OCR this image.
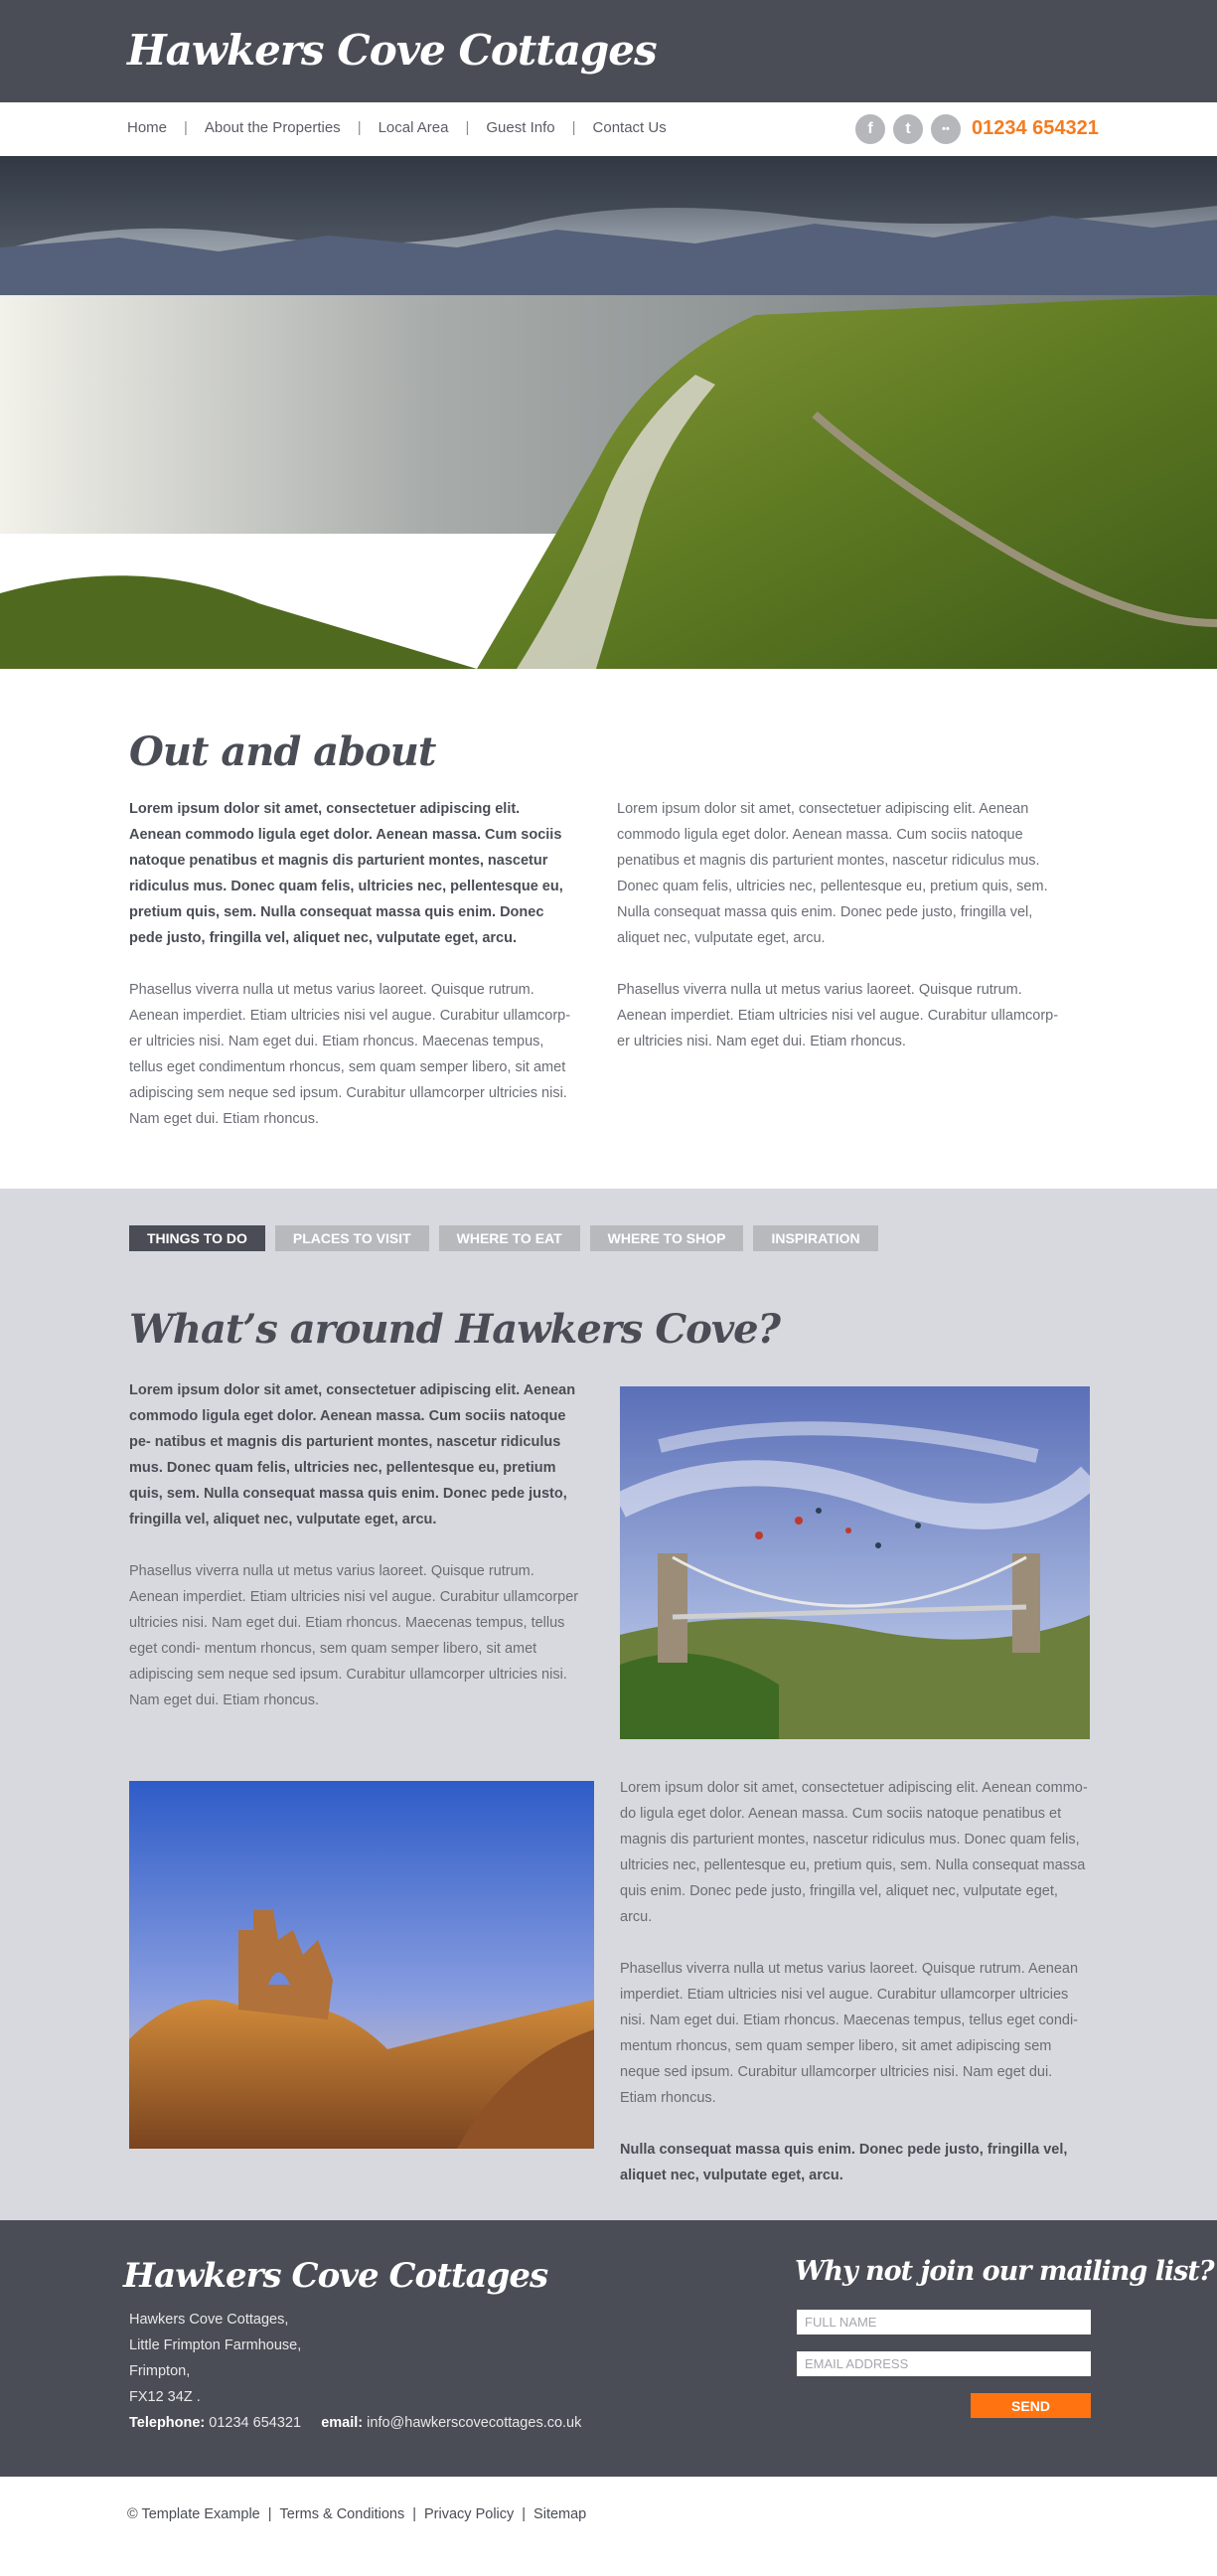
Hawkers Cove Cottages
Home | About the Properties | Local Area | Guest Info | Contact Us	f	t	••	01234 654321
Out and about

Lorem ipsum dolor sit amet, consectetuer adipiscing elit. Aenean commodo ligula eget dolor. Aenean massa. Cum sociis natoque penatibus et magnis dis parturient montes, nascetur ridiculus mus. Donec quam felis, ultricies nec, pellentesque eu, pretium quis, sem. Nulla consequat massa quis enim. Donec pede justo, fringilla vel, aliquet nec, vulputate eget, arcu.

Phasellus viverra nulla ut metus varius laoreet. Quisque rutrum. Aenean imperdiet. Etiam ultricies nisi vel augue. Curabitur ullamcorp- er ultricies nisi. Nam eget dui. Etiam rhoncus. Maecenas tempus, tellus eget condimentum rhoncus, sem quam semper libero, sit amet adipiscing sem neque sed ipsum. Curabitur ullamcorper ultricies nisi. Nam eget dui. Etiam rhoncus.

Lorem ipsum dolor sit amet, consectetuer adipiscing elit. Aenean commodo ligula eget dolor. Aenean massa. Cum sociis natoque penatibus et magnis dis parturient montes, nascetur ridiculus mus. Donec quam felis, ultricies nec, pellentesque eu, pretium quis, sem. Nulla consequat massa quis enim. Donec pede justo, fringilla vel, aliquet nec, vulputate eget, arcu.

Phasellus viverra nulla ut metus varius laoreet. Quisque rutrum. Aenean imperdiet. Etiam ultricies nisi vel augue. Curabitur ullamcorp- er ultricies nisi. Nam eget dui. Etiam rhoncus.

THINGS TO DO	PLACES TO VISIT	WHERE TO EAT	WHERE TO SHOP	INSPIRATION
What’s around Hawkers Cove?

Lorem ipsum dolor sit amet, consectetuer adipiscing elit. Aenean commodo ligula eget dolor. Aenean massa. Cum sociis natoque pe- natibus et magnis dis parturient montes, nascetur ridiculus mus. Donec quam felis, ultricies nec, pellentesque eu, pretium quis, sem. Nulla consequat massa quis enim. Donec pede justo, fringilla vel, aliquet nec, vulputate eget, arcu.

Phasellus viverra nulla ut metus varius laoreet. Quisque rutrum. Aenean imperdiet. Etiam ultricies nisi vel augue. Curabitur ullamcorper ultricies nisi. Nam eget dui. Etiam rhoncus. Maecenas tempus, tellus eget condi- mentum rhoncus, sem quam semper libero, sit amet adipiscing sem neque sed ipsum. Curabitur ullamcorper ultricies nisi. Nam eget dui. Etiam rhoncus.

Lorem ipsum dolor sit amet, consectetuer adipiscing elit. Aenean commo- do ligula eget dolor. Aenean massa. Cum sociis natoque penatibus et magnis dis parturient montes, nascetur ridiculus mus. Donec quam felis, ultricies nec, pellentesque eu, pretium quis, sem. Nulla consequat massa quis enim. Donec pede justo, fringilla vel, aliquet nec, vulputate eget, arcu.

Phasellus viverra nulla ut metus varius laoreet. Quisque rutrum. Aenean imperdiet. Etiam ultricies nisi vel augue. Curabitur ullamcorper ultricies nisi. Nam eget dui. Etiam rhoncus. Maecenas tempus, tellus eget condi- mentum rhoncus, sem quam semper libero, sit amet adipiscing sem neque sed ipsum. Curabitur ullamcorper ultricies nisi. Nam eget dui. Etiam rhoncus.

Nulla consequat massa quis enim. Donec pede justo, fringilla vel, aliquet nec, vulputate eget, arcu.

Hawkers Cove Cottages
Hawkers Cove Cottages,
Little Frimpton Farmhouse,
Frimpton,
FX12 34Z .
Telephone: 01234 654321 email: info@hawkerscovecottages.co.uk
Why not join our mailing list?
FULL NAME
EMAIL ADDRESS
SEND
© Template Example | Terms & Conditions | Privacy Policy | Sitemap
